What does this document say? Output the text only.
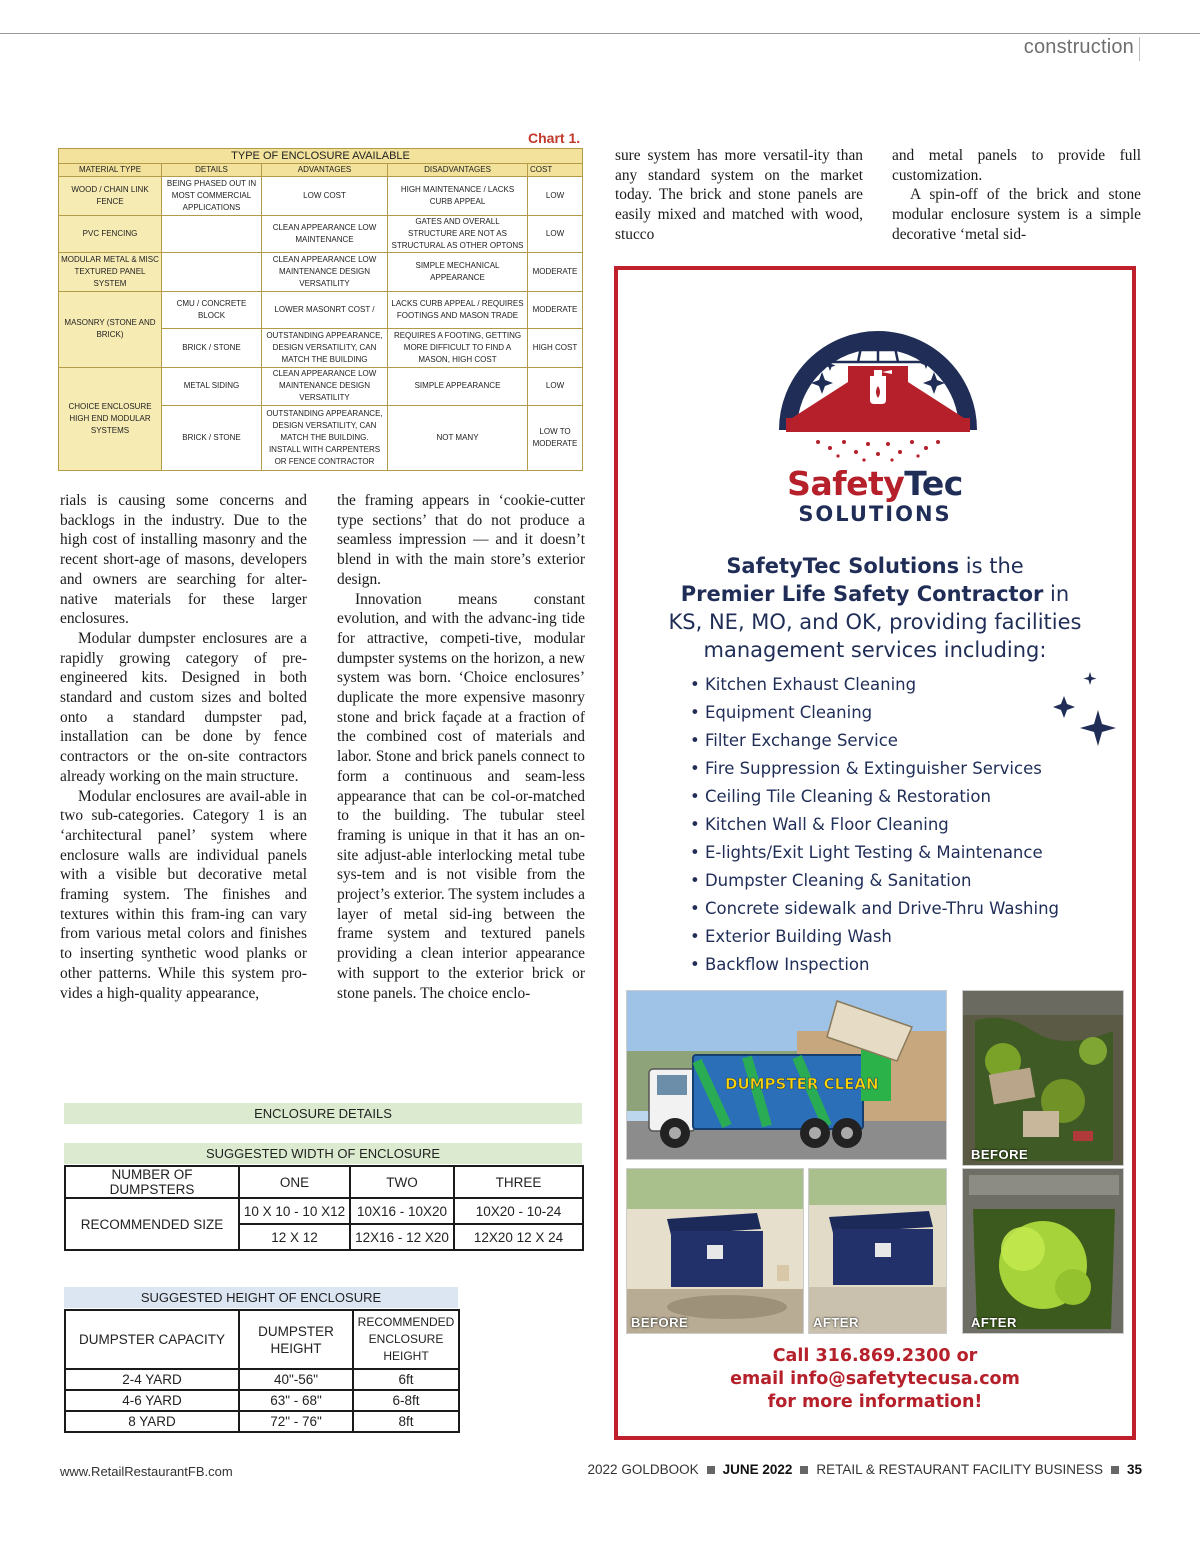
construction
Chart 1.
TYPE OF ENCLOSURE AVAILABLE				
MATERIAL TYPE	DETAILS	ADVANTAGES	DISADVANTAGES	COST
WOOD / CHAIN LINK FENCE	BEING PHASED OUT IN MOST COMMERCIAL APPLICATIONS	LOW COST	HIGH MAINTENANCE / LACKS CURB APPEAL	LOW
PVC FENCING		CLEAN APPEARANCE LOW MAINTENANCE	GATES AND OVERALL STRUCTURE ARE NOT AS STRUCTURAL AS OTHER OPTONS	LOW
MODULAR METAL & MISC TEXTURED PANEL SYSTEM		CLEAN APPEARANCE LOW MAINTENANCE DESIGN VERSATILITY	SIMPLE MECHANICAL APPEARANCE	MODERATE
MASONRY (STONE AND BRICK)	CMU / CONCRETE BLOCK	LOWER MASONRT COST /	LACKS CURB APPEAL / REQUIRES FOOTINGS AND MASON TRADE	MODERATE
	BRICK / STONE	OUTSTANDING APPEARANCE, DESIGN VERSATILITY, CAN MATCH THE BUILDING	REQUIRES A FOOTING, GETTING MORE DIFFICULT TO FIND A MASON, HIGH COST	HIGH COST
CHOICE ENCLOSURE HIGH END MODULAR SYSTEMS	METAL SIDING	CLEAN APPEARANCE LOW MAINTENANCE DESIGN VERSATILITY	SIMPLE APPEARANCE	LOW
	BRICK / STONE	OUTSTANDING APPEARANCE, DESIGN VERSATILITY, CAN MATCH THE BUILDING. INSTALL WITH CARPENTERS OR FENCE CONTRACTOR	NOT MANY	LOW TO MODERATE

rials is causing some concerns and backlogs in the industry. Due to the high cost of installing masonry and the recent short-age of masons, developers and owners are searching for alter-native materials for these larger enclosures.

Modular dumpster enclosures are a rapidly growing category of pre-engineered kits. Designed in both standard and custom sizes and bolted onto a standard dumpster pad, installation can be done by fence contractors or the on-site contractors already working on the main structure.

Modular enclosures are avail-able in two sub-categories. Category 1 is an ‘architectural panel’ system where enclosure walls are individual panels with a visible but decorative metal framing system. The finishes and textures within this fram-ing can vary from various metal colors and finishes to inserting synthetic wood planks or other patterns. While this system pro-vides a high-quality appearance,

the framing appears in ‘cookie-cutter type sections’ that do not produce a seamless impression — and it doesn’t blend in with the main store’s exterior design.

Innovation means constant evolution, and with the advanc-ing tide for attractive, competi-tive, modular dumpster systems on the horizon, a new system was born. ‘Choice enclosures’ duplicate the more expensive masonry stone and brick façade at a fraction of the combined cost of materials and labor. Stone and brick panels connect to form a continuous and seam-less appearance that can be col-or-matched to the building. The tubular steel framing is unique in that it has an on-site adjust-able interlocking metal tube sys-tem and is not visible from the project’s exterior. The system includes a layer of metal sid-ing between the frame system and textured panels providing a clean interior appearance with support to the exterior brick or stone panels. The choice enclo-

sure system has more versatil-ity than any standard system on the market today. The brick and stone panels are easily mixed and matched with wood, stucco

and metal panels to provide full customization.

A spin-off of the brick and stone modular enclosure system is a simple decorative ‘metal sid-

ENCLOSURE DETAILS
SUGGESTED WIDTH OF ENCLOSURE
NUMBER OF DUMPSTERS	ONE	TWO	THREE
RECOMMENDED SIZE	10 X 10 - 10 X12	10X16 - 10X20	10X20 - 10-24
	12 X 12	12X16 - 12 X20	12X20 12 X 24
SUGGESTED HEIGHT OF ENCLOSURE
DUMPSTER CAPACITY	DUMPSTER HEIGHT	RECOMMENDED ENCLOSURE HEIGHT
2-4 YARD	40"-56"	6ft
4-6 YARD	63" - 68"	6-8ft
8 YARD	72" - 76"	8ft
SafetyTec
SOLUTIONS
SafetyTec Solutions is the
Premier Life Safety Contractor in
KS, NE, MO, and OK, providing facilities management services including:
• Kitchen Exhaust Cleaning
• Equipment Cleaning
• Filter Exchange Service
• Fire Suppression & Extinguisher Services
• Ceiling Tile Cleaning & Restoration
• Kitchen Wall & Floor Cleaning
• E-lights/Exit Light Testing & Maintenance
• Dumpster Cleaning & Sanitation
• Concrete sidewalk and Drive-Thru Washing
• Exterior Building Wash
• Backflow Inspection
DUMPSTER CLEAN
BEFORE
BEFORE	AFTER	AFTER
Call 316.869.2300 or
email info@safetytecusa.com
for more information!
www.RetailRestaurantFB.com	2022 GOLDBOOK JUNE 2022 RETAIL & RESTAURANT FACILITY BUSINESS 35
